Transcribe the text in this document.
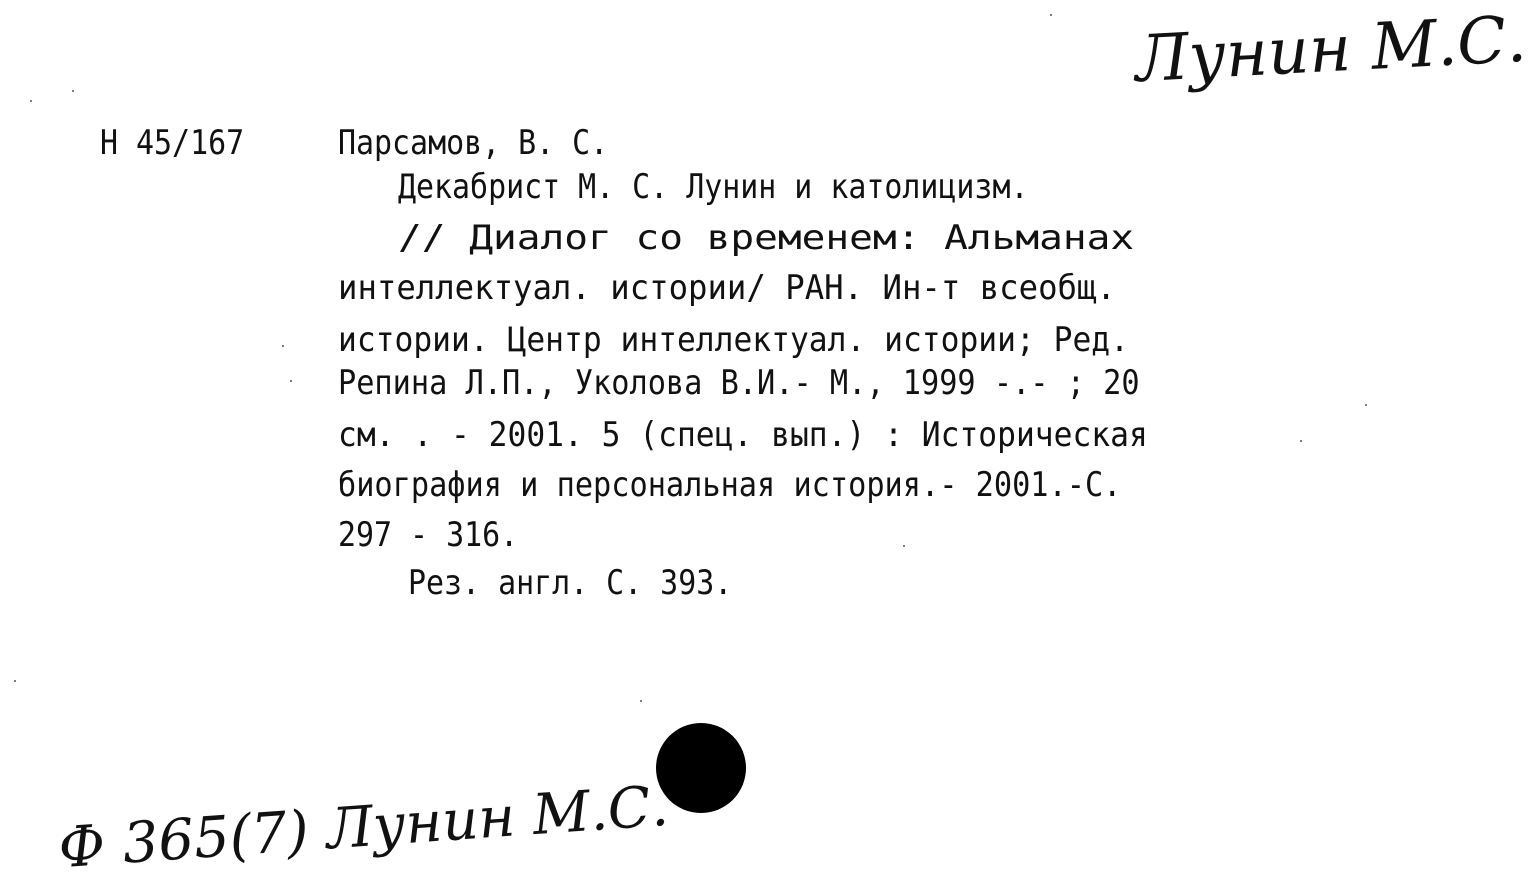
Лунин М.С.
Н 45/167	Парсамов, В. С.
Декабрист М. С. Лунин и католицизм.
// Диалог со временем: Альманах
интеллектуал. истории/ РАН. Ин-т всеобщ.
истории. Центр интеллектуал. истории; Ред.
Репина Л.П., Уколова В.И.- М., 1999 -.- ; 20
см. . - 2001. 5 (спец. вып.) : Историческая
биография и персональная история.- 2001.-С.
297 - 316.
Рез. англ. С. 393.
Ф 365(7) Лунин М.С.
